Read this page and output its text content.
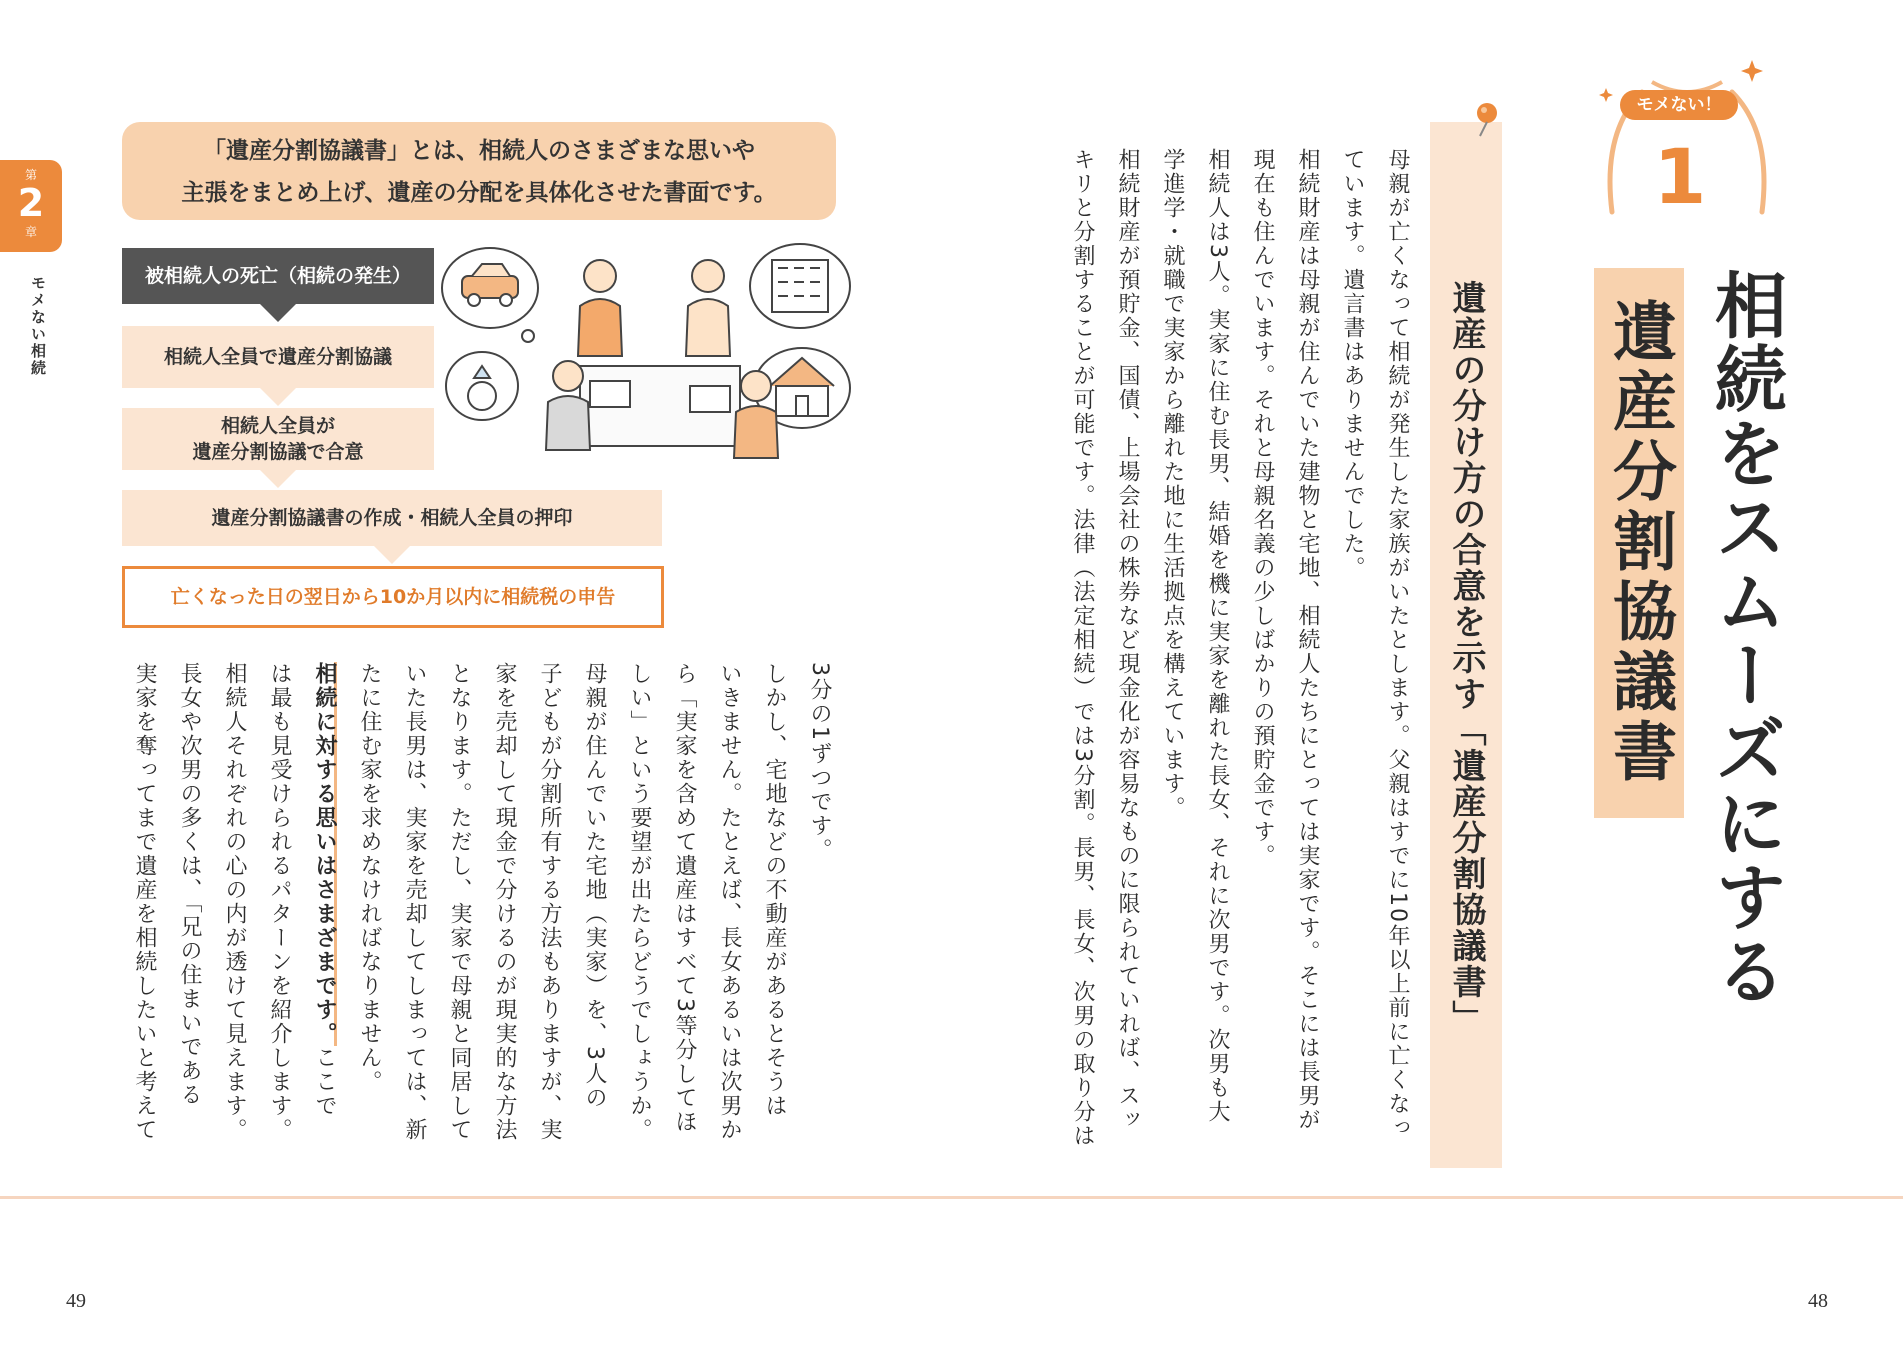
第
2
章
モメない相続
「遺産分割協議書」とは、相続人のさまざまな思いや
主張をまとめ上げ、遺産の分配を具体化させた書面です。
被相続人の死亡（相続の発生）
相続人全員で遺産分割協議
相続人全員が
遺産分割協議で合意
遺産分割協議書の作成・相続人全員の押印
亡くなった日の翌日から10か月以内に相続税の申告	母親が亡くなって相続が発生した家族がいたとします。父親はすでに10年以上前に亡くなっ
ています。遺言書はありませんでした。
相続財産は母親が住んでいた建物と宅地、相続人たちにとっては実家です。そこには長男が
現在も住んでいます。それと母親名義の少しばかりの預貯金です。
相続人は3人。実家に住む長男、結婚を機に実家を離れた長女、それに次男です。次男も大
学進学・就職で実家から離れた地に生活拠点を構えています。
相続財産が預貯金、国債、上場会社の株券など現金化が容易なものに限られていれば、スッ
キリと分割することが可能です。法律（法定相続）では3分割。長男、長女、次男の取り分は
3分の1ずつです。
しかし、宅地などの不動産があるとそうは
いきません。たとえば、長女あるいは次男か
ら「実家を含めて遺産はすべて3等分してほ
しい」という要望が出たらどうでしょうか。
母親が住んでいた宅地（実家）を、3人の
子どもが分割所有する方法もありますが、実
家を売却して現金で分けるのが現実的な方法
となります。ただし、実家で母親と同居して
いた長男は、実家を売却してしまっては、新
たに住む家を求めなければなりません。
相続に対する思いはさまざまです。ここで
は最も見受けられるパターンを紹介します。
相続人それぞれの心の内が透けて見えます。
長女や次男の多くは、「兄の住まいである
実家を奪ってまで遺産を相続したいと考えて	遺産の分け方の合意を示す「遺産分割協議書」
モメない！
1
相続をスムーズにする
遺産分割協議書
49	48
